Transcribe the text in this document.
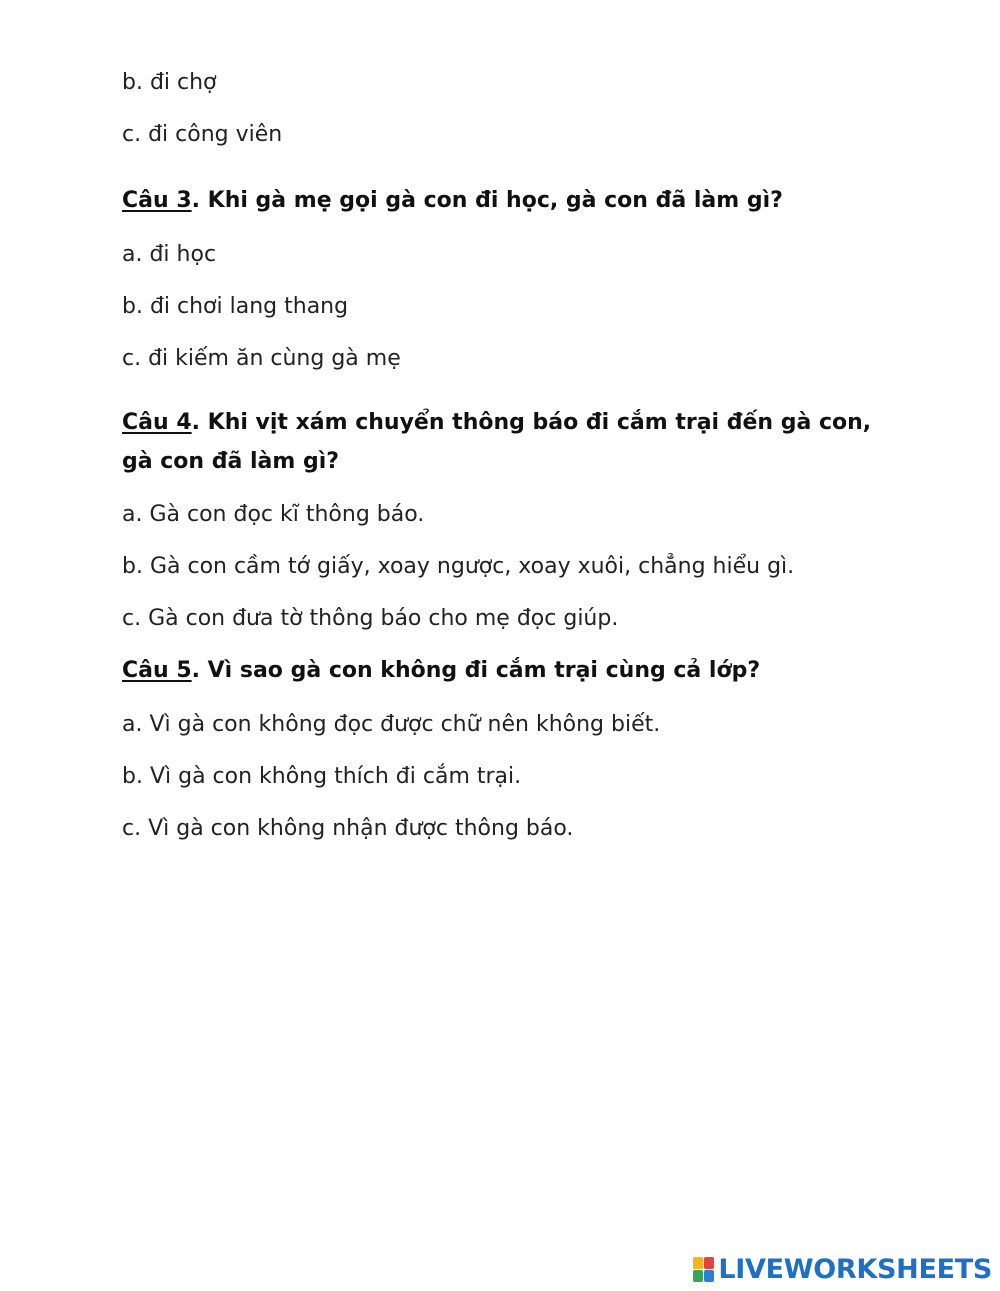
b. đi chợ
c. đi công viên
Câu 3. Khi gà mẹ gọi gà con đi học, gà con đã làm gì?
a. đi học
b. đi chơi lang thang
c. đi kiếm ăn cùng gà mẹ
Câu 4. Khi vịt xám chuyển thông báo đi cắm trại đến gà con,
gà con đã làm gì?
a. Gà con đọc kĩ thông báo.
b. Gà con cầm tớ giấy, xoay ngược, xoay xuôi, chẳng hiểu gì.
c. Gà con đưa tờ thông báo cho mẹ đọc giúp.
Câu 5. Vì sao gà con không đi cắm trại cùng cả lớp?
a. Vì gà con không đọc được chữ nên không biết.
b. Vì gà con không thích đi cắm trại.
c. Vì gà con không nhận được thông báo.
LIVEWORKSHEETS
